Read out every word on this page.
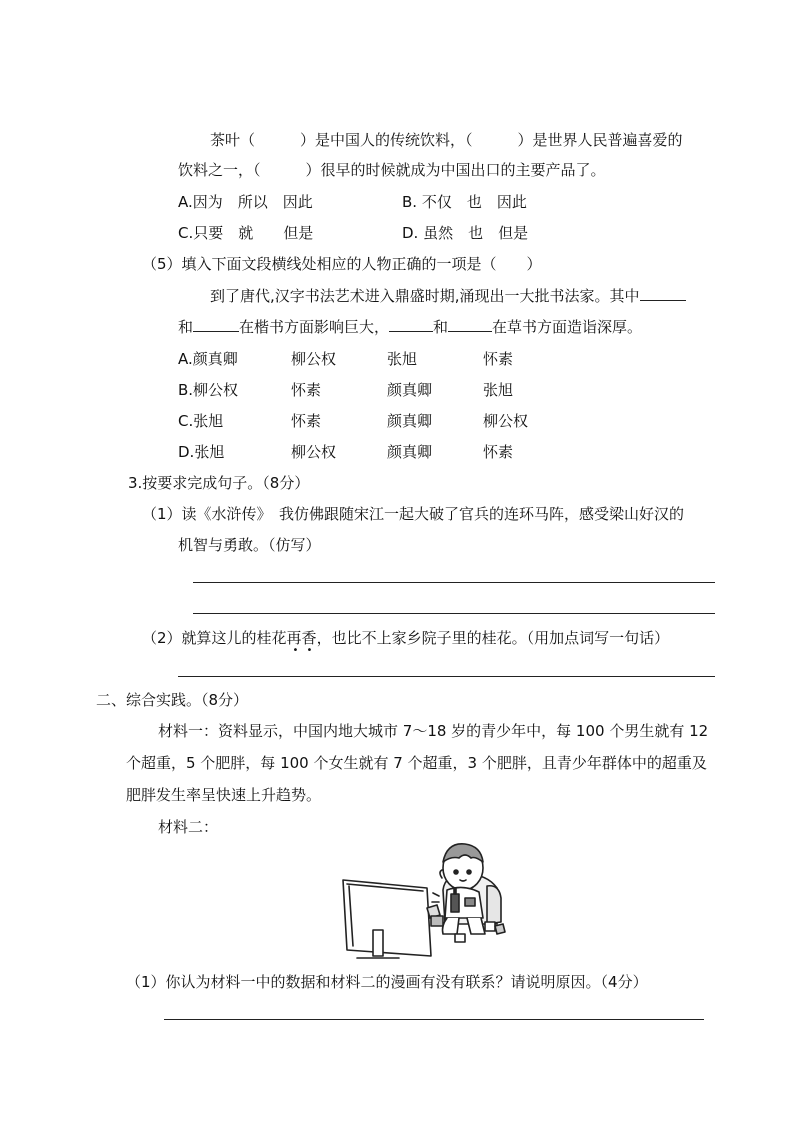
茶叶（　　　）是中国人的传统饮料，（　　　）是世界人民普遍喜爱的
饮料之一，（　　　）很早的时候就成为中国出口的主要产品了。
A.因为　所以　因此	B. 不仅　也　因此
C.只要　就　　但是	D. 虽然　也　但是
（5）填入下面文段横线处相应的人物正确的一项是（　　）
到了唐代,汉字书法艺术进入鼎盛时期,涌现出一大批书法家。其中
和	在楷书方面影响巨大，	和	在草书方面造诣深厚。
A.颜真卿	柳公权	张旭	怀素
B.柳公权	怀素	颜真卿	张旭
C.张旭	怀素	颜真卿	柳公权
D.张旭	柳公权	颜真卿	怀素
3.按要求完成句子。（8分）
（1）读《水浒传》　我仿佛跟随宋江一起大破了官兵的连环马阵，感受梁山好汉的
机智与勇敢。（仿写）
（2）就算这儿的桂花再香
••
，也比不上家乡院子里的桂花。（用加点词写一句话）
二、综合实践。（8分）
材料一：资料显示，中国内地大城市 7～18 岁的青少年中，每 100 个男生就有 12
个超重，5 个肥胖，每 100 个女生就有 7 个超重，3 个肥胖，且青少年群体中的超重及
肥胖发生率呈快速上升趋势。
材料二：
（1）你认为材料一中的数据和材料二的漫画有没有联系？请说明原因。（4分）
